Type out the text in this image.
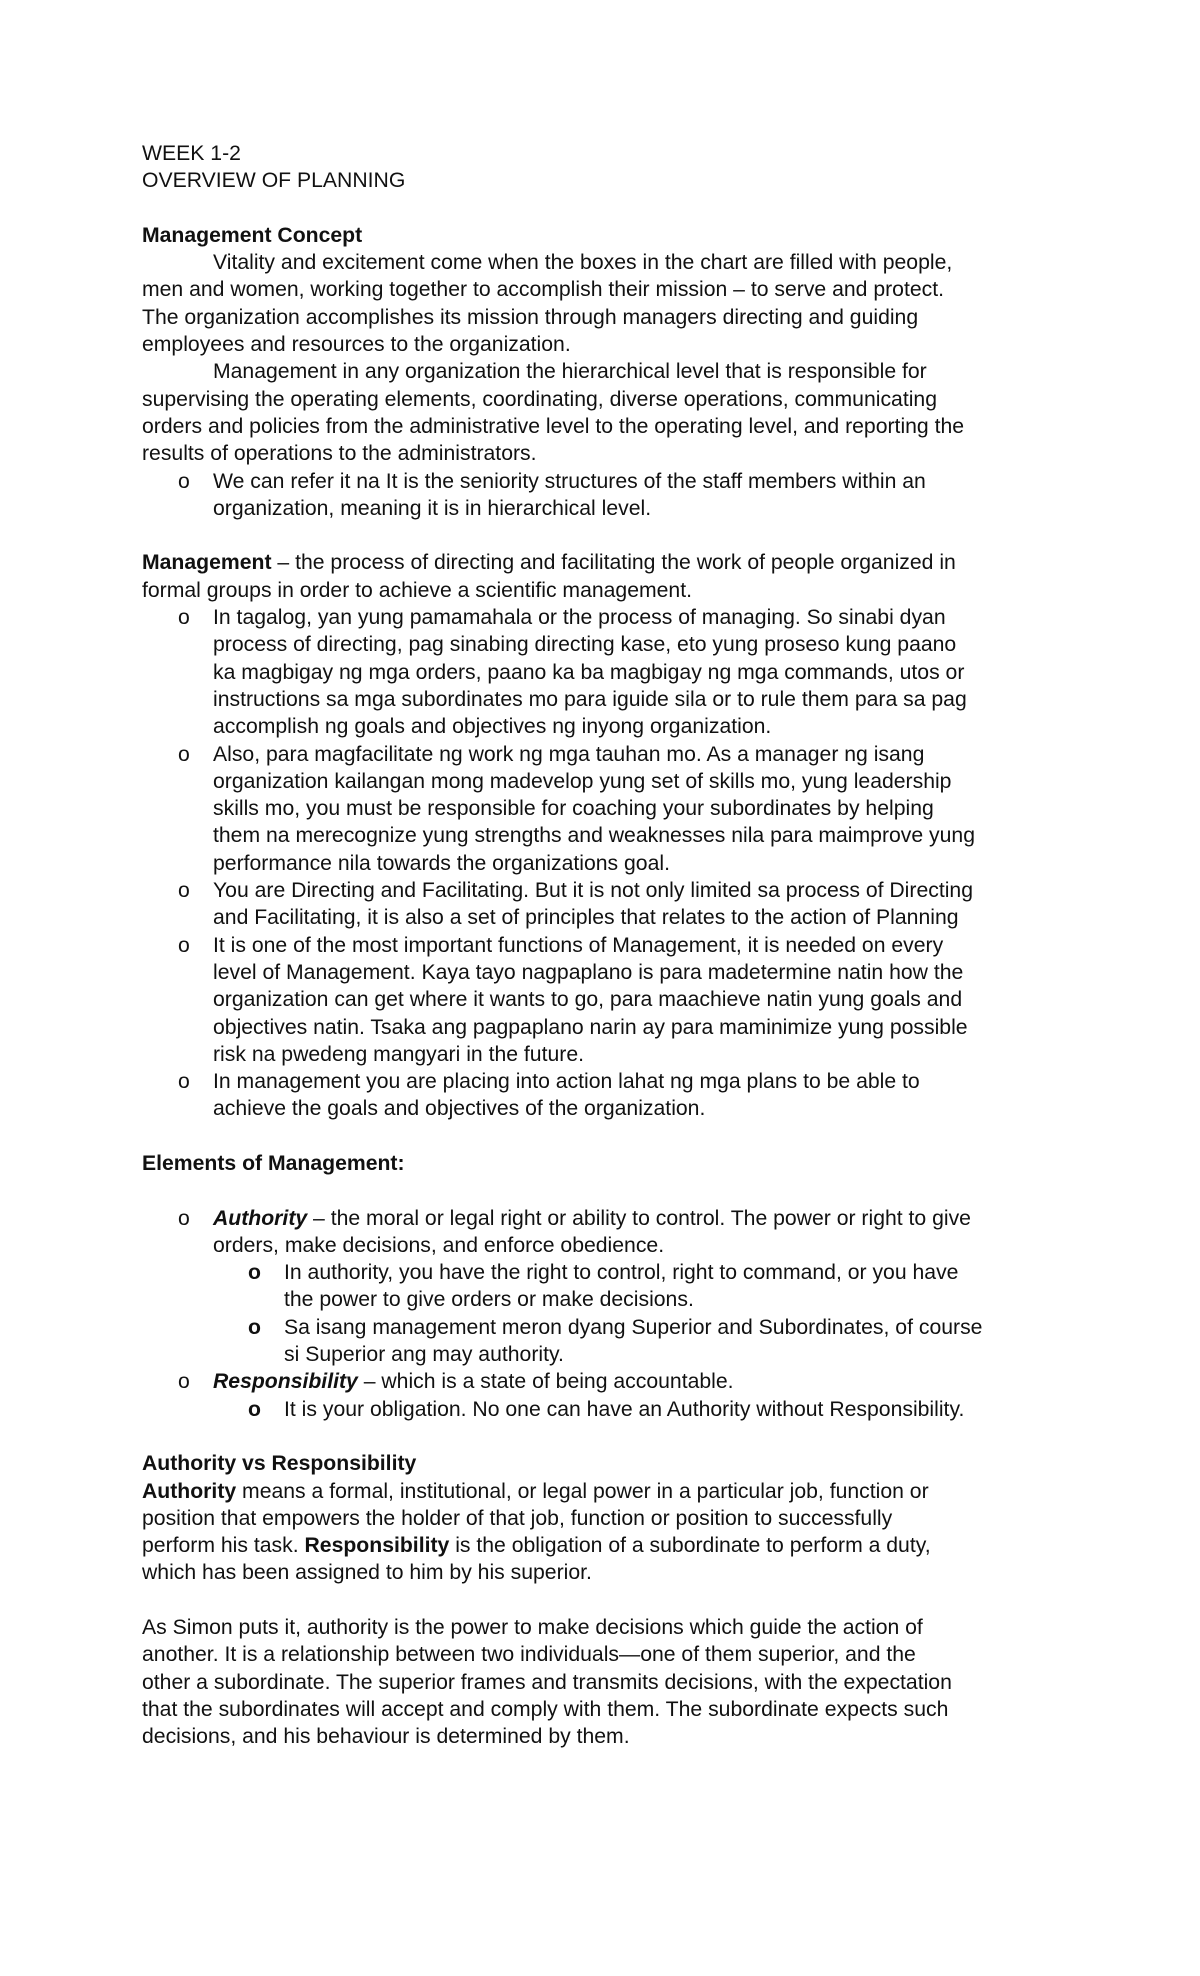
WEEK 1-2
OVERVIEW OF PLANNING
Management Concept
Vitality and excitement come when the boxes in the chart are filled with people,
men and women, working together to accomplish their mission – to serve and protect.
The organization accomplishes its mission through managers directing and guiding
employees and resources to the organization.
Management in any organization the hierarchical level that is responsible for
supervising the operating elements, coordinating, diverse operations, communicating
orders and policies from the administrative level to the operating level, and reporting the
results of operations to the administrators.
o We can refer it na It is the seniority structures of the staff members within an
organization, meaning it is in hierarchical level.
Management – the process of directing and facilitating the work of people organized in
formal groups in order to achieve a scientific management.
o In tagalog, yan yung pamamahala or the process of managing. So sinabi dyan
process of directing, pag sinabing directing kase, eto yung proseso kung paano
ka magbigay ng mga orders, paano ka ba magbigay ng mga commands, utos or
instructions sa mga subordinates mo para iguide sila or to rule them para sa pag
accomplish ng goals and objectives ng inyong organization.
o Also, para magfacilitate ng work ng mga tauhan mo. As a manager ng isang
organization kailangan mong madevelop yung set of skills mo, yung leadership
skills mo, you must be responsible for coaching your subordinates by helping
them na merecognize yung strengths and weaknesses nila para maimprove yung
performance nila towards the organizations goal.
o You are Directing and Facilitating. But it is not only limited sa process of Directing
and Facilitating, it is also a set of principles that relates to the action of Planning
o It is one of the most important functions of Management, it is needed on every
level of Management. Kaya tayo nagpaplano is para madetermine natin how the
organization can get where it wants to go, para maachieve natin yung goals and
objectives natin. Tsaka ang pagpaplano narin ay para maminimize yung possible
risk na pwedeng mangyari in the future.
o In management you are placing into action lahat ng mga plans to be able to
achieve the goals and objectives of the organization.
Elements of Management:
o Authority – the moral or legal right or ability to control. The power or right to give
orders, make decisions, and enforce obedience.
o In authority, you have the right to control, right to command, or you have
the power to give orders or make decisions.
o Sa isang management meron dyang Superior and Subordinates, of course
si Superior ang may authority.
o Responsibility – which is a state of being accountable.
o It is your obligation. No one can have an Authority without Responsibility.
Authority vs Responsibility
Authority means a formal, institutional, or legal power in a particular job, function or
position that empowers the holder of that job, function or position to successfully
perform his task. Responsibility is the obligation of a subordinate to perform a duty,
which has been assigned to him by his superior.
As Simon puts it, authority is the power to make decisions which guide the action of
another. It is a relationship between two individuals—one of them superior, and the
other a subordinate. The superior frames and transmits decisions, with the expectation
that the subordinates will accept and comply with them. The subordinate expects such
decisions, and his behaviour is determined by them.
